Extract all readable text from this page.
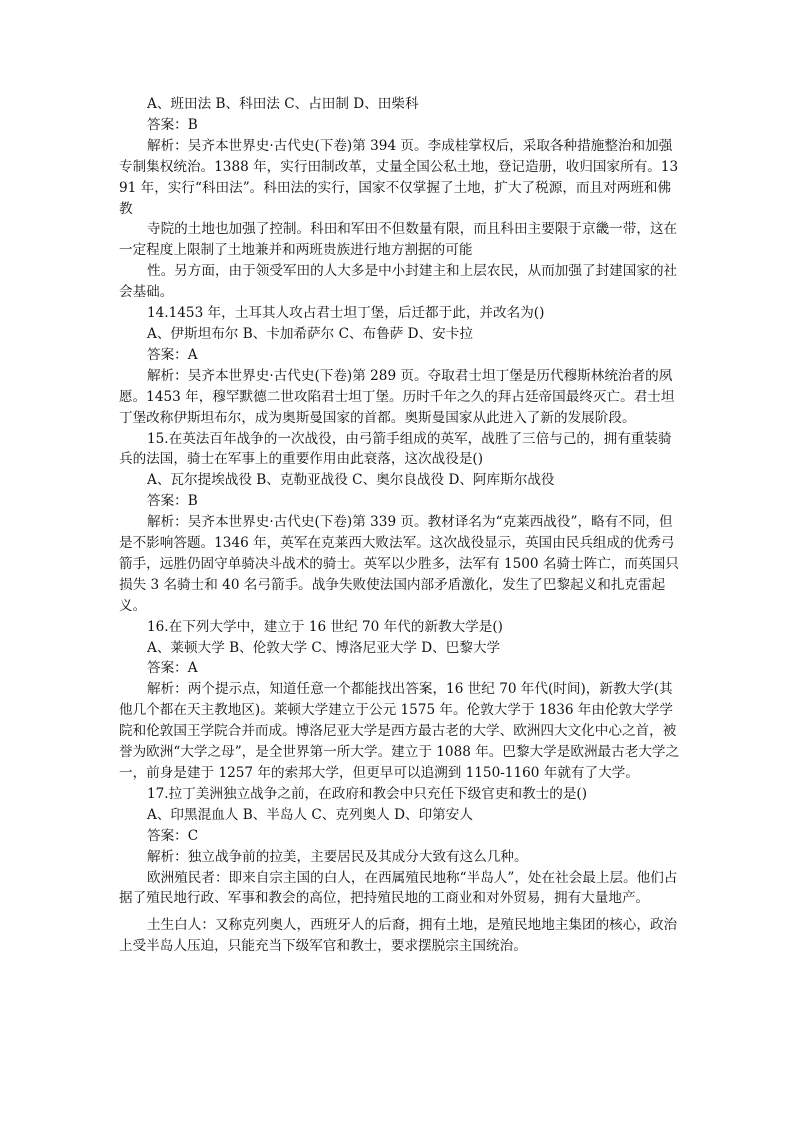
A、班田法 B、科田法 C、占田制 D、田柴科

答案：B

解析：吴齐本世界史·古代史(下卷)第 394 页。李成桂掌权后，采取各种措施整治和加强专制集权统治。1388 年，实行田制改革，丈量全国公私土地，登记造册，收归国家所有。1391 年，实行“科田法”。科田法的实行，国家不仅掌握了土地，扩大了税源，而且对两班和佛教

寺院的土地也加强了控制。科田和军田不但数量有限，而且科田主要限于京畿一带，这在一定程度上限制了土地兼并和两班贵族进行地方割据的可能

性。另方面，由于领受军田的人大多是中小封建主和上层农民，从而加强了封建国家的社会基础。

14.1453 年，土耳其人攻占君士坦丁堡，后迁都于此，并改名为()

A、伊斯坦布尔 B、卡加希萨尔 C、布鲁萨 D、安卡拉

答案：A

解析：吴齐本世界史·古代史(下卷)第 289 页。夺取君士坦丁堡是历代穆斯林统治者的夙愿。1453 年，穆罕默德二世攻陷君士坦丁堡。历时千年之久的拜占廷帝国最终灭亡。君士坦丁堡改称伊斯坦布尔，成为奥斯曼国家的首都。奥斯曼国家从此进入了新的发展阶段。

15.在英法百年战争的一次战役，由弓箭手组成的英军，战胜了三倍与己的，拥有重装骑兵的法国，骑士在军事上的重要作用由此衰落，这次战役是()

A、瓦尔提埃战役 B、克勒亚战役 C、奥尔良战役 D、阿库斯尔战役

答案：B

解析：吴齐本世界史·古代史(下卷)第 339 页。教材译名为“克莱西战役”，略有不同，但是不影响答题。1346 年，英军在克莱西大败法军。这次战役显示，英国由民兵组成的优秀弓箭手，远胜仍固守单骑决斗战术的骑士。英军以少胜多，法军有 1500 名骑士阵亡，而英国只损失 3 名骑士和 40 名弓箭手。战争失败使法国内部矛盾激化，发生了巴黎起义和扎克雷起义。

16.在下列大学中，建立于 16 世纪 70 年代的新教大学是()

A、莱顿大学 B、伦敦大学 C、博洛尼亚大学 D、巴黎大学

答案：A

解析：两个提示点，知道任意一个都能找出答案，16 世纪 70 年代(时间)，新教大学(其他几个都在天主教地区)。莱顿大学建立于公元 1575 年。伦敦大学于 1836 年由伦敦大学学院和伦敦国王学院合并而成。博洛尼亚大学是西方最古老的大学、欧洲四大文化中心之首，被誉为欧洲“大学之母”，是全世界第一所大学。建立于 1088 年。巴黎大学是欧洲最古老大学之一，前身是建于 1257 年的索邦大学，但更早可以追溯到 1150-1160 年就有了大学。

17.拉丁美洲独立战争之前，在政府和教会中只充任下级官吏和教士的是()

A、印黑混血人 B、半岛人 C、克列奥人 D、印第安人

答案：C

解析：独立战争前的拉美，主要居民及其成分大致有这么几种。

欧洲殖民者：即来自宗主国的白人，在西属殖民地称“半岛人”，处在社会最上层。他们占据了殖民地行政、军事和教会的高位，把持殖民地的工商业和对外贸易，拥有大量地产。

土生白人：又称克列奥人，西班牙人的后裔，拥有土地，是殖民地地主集团的核心，政治上受半岛人压迫，只能充当下级军官和教士，要求摆脱宗主国统治。
